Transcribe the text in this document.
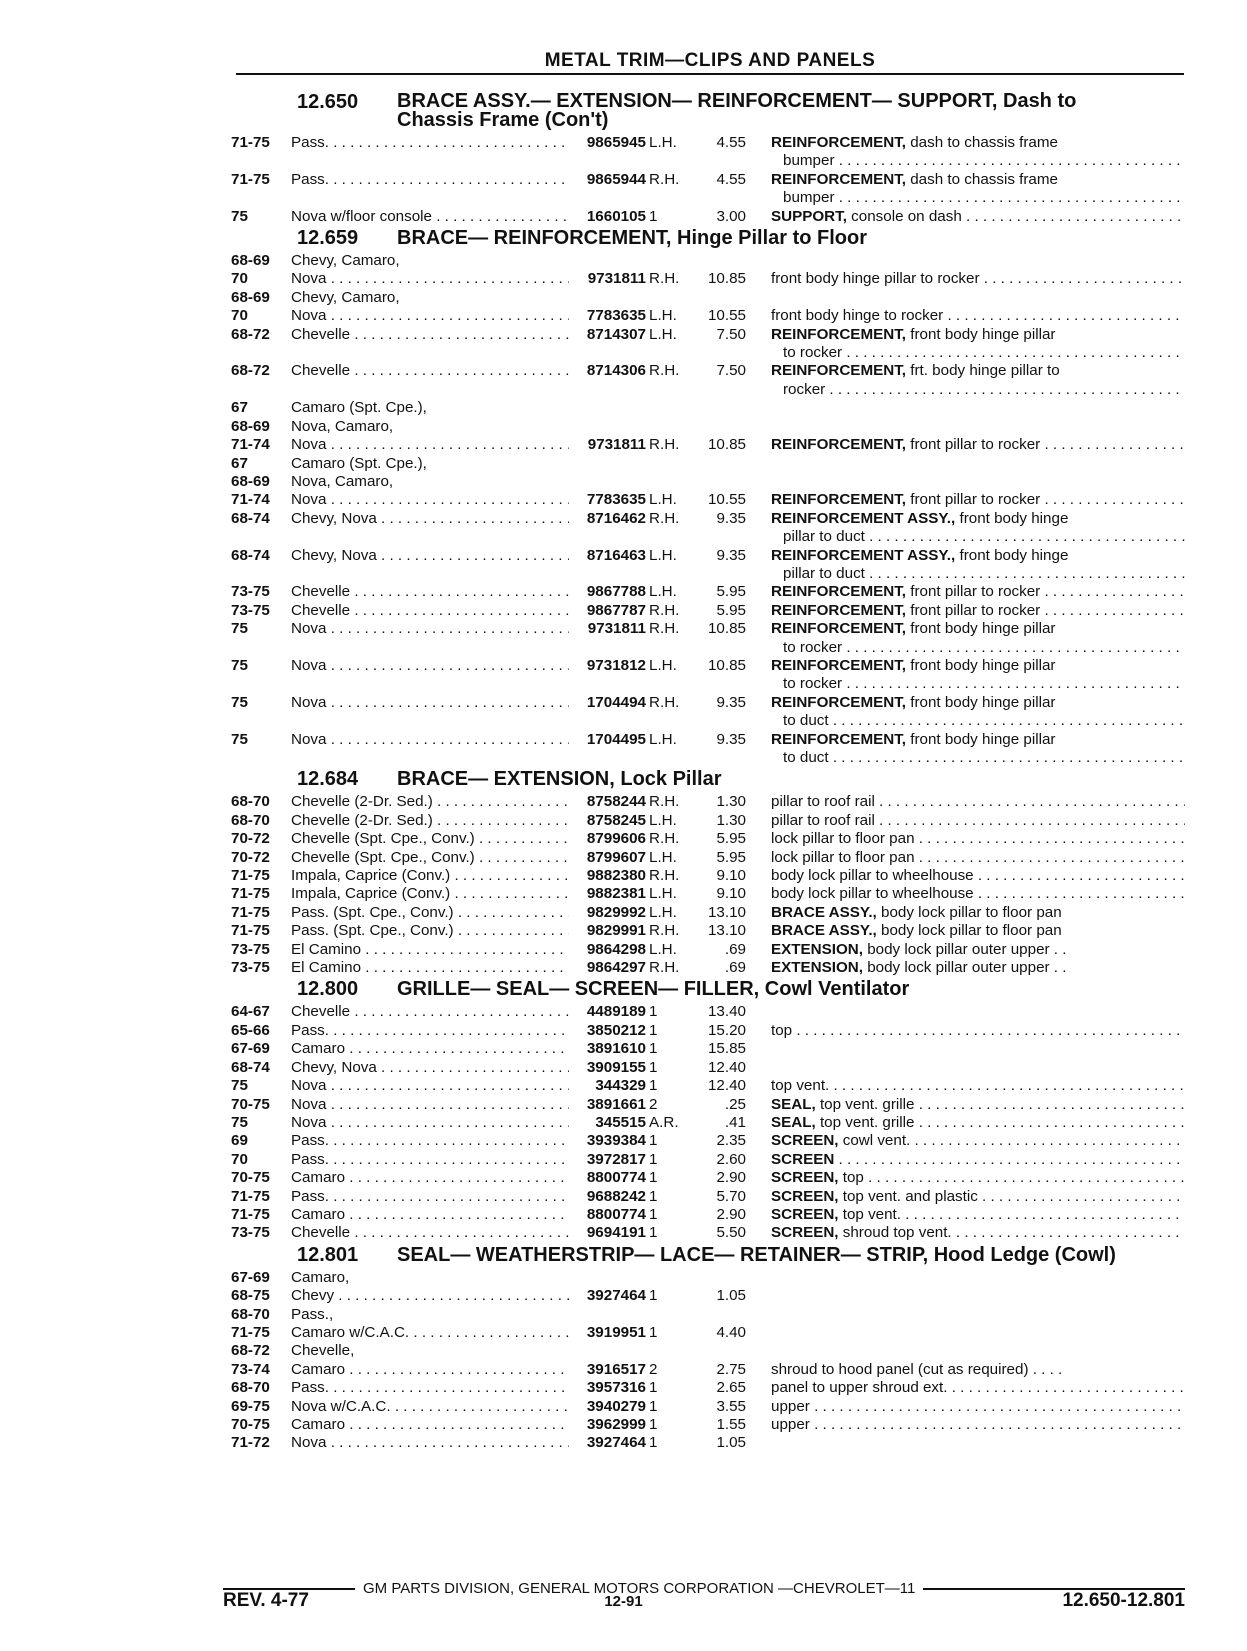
METAL TRIM—CLIPS AND PANELS
12.650	BRACE ASSY.— EXTENSION— REINFORCEMENT— SUPPORT, Dash to
Chassis Frame (Con't)
71-75	Pass. . . .	9865945 L.H.	4.55 REINFORCEMENT, dash to chassis frame
bumper . . .
71-75	Pass. . . .	9865944 R.H.	4.55 REINFORCEMENT, dash to chassis frame
bumper . . .
75	Nova w/floor console . . .	1660105 1	3.00 SUPPORT, console on dash . . .
12.659	BRACE— REINFORCEMENT, Hinge Pillar to Floor
68-69	Chevy, Camaro,
70	Nova . . .	9731811 R.H.	10.85 front body hinge pillar to rocker . . .
68-69	Chevy, Camaro,
70	Nova . . .	7783635 L.H.	10.55 front body hinge to rocker . . .
68-72	Chevelle . . .	8714307 L.H.	7.50 REINFORCEMENT, front body hinge pillar
to rocker . . .
68-72	Chevelle . . .	8714306 R.H.	7.50 REINFORCEMENT, frt. body hinge pillar to
rocker . . .
67	Camaro (Spt. Cpe.),
68-69	Nova, Camaro,
71-74	Nova . . .	9731811 R.H.	10.85 REINFORCEMENT, front pillar to rocker . . .
67	Camaro (Spt. Cpe.),
68-69	Nova, Camaro,
71-74	Nova . . .	7783635 L.H.	10.55 REINFORCEMENT, front pillar to rocker . . .
68-74	Chevy, Nova . . .	8716462 R.H.	9.35 REINFORCEMENT ASSY., front body hinge
pillar to duct . . .
68-74	Chevy, Nova . . .	8716463 L.H.	9.35 REINFORCEMENT ASSY., front body hinge
pillar to duct . . .
73-75	Chevelle . . .	9867788 L.H.	5.95 REINFORCEMENT, front pillar to rocker . . .
73-75	Chevelle . . .	9867787 R.H.	5.95 REINFORCEMENT, front pillar to rocker . . .
75	Nova . . .	9731811 R.H.	10.85 REINFORCEMENT, front body hinge pillar
to rocker . . .
75	Nova . . .	9731812 L.H.	10.85 REINFORCEMENT, front body hinge pillar
to rocker . . .
75	Nova . . .	1704494 R.H.	9.35 REINFORCEMENT, front body hinge pillar
to duct . . .
75	Nova . . .	1704495 L.H.	9.35 REINFORCEMENT, front body hinge pillar
to duct . . .
12.684	BRACE— EXTENSION, Lock Pillar
68-70	Chevelle (2-Dr. Sed.) . . .	8758244 R.H.	1.30 pillar to roof rail . . .
68-70	Chevelle (2-Dr. Sed.) . . .	8758245 L.H.	1.30 pillar to roof rail . . .
70-72	Chevelle (Spt. Cpe., Conv.) . . .	8799606 R.H.	5.95 lock pillar to floor pan . . .
70-72	Chevelle (Spt. Cpe., Conv.) . . .	8799607 L.H.	5.95 lock pillar to floor pan . . .
71-75	Impala, Caprice (Conv.) . . .	9882380 R.H.	9.10 body lock pillar to wheelhouse . . .
71-75	Impala, Caprice (Conv.) . . .	9882381 L.H.	9.10 body lock pillar to wheelhouse . . .
71-75	Pass. (Spt. Cpe., Conv.) . . .	9829992 L.H.	13.10 BRACE ASSY., body lock pillar to floor pan
71-75	Pass. (Spt. Cpe., Conv.) . . .	9829991 R.H.	13.10 BRACE ASSY., body lock pillar to floor pan
73-75	El Camino . . .	9864298 L.H.	.69 EXTENSION, body lock pillar outer upper . .
73-75	El Camino . . .	9864297 R.H.	.69 EXTENSION, body lock pillar outer upper . .
12.800	GRILLE— SEAL— SCREEN— FILLER, Cowl Ventilator
64-67	Chevelle . . .	4489189 1	13.40
65-66	Pass. . . .	3850212 1	15.20 top . . .
67-69	Camaro . . .	3891610 1	15.85
68-74	Chevy, Nova . . .	3909155 1	12.40
75	Nova . . .	344329 1	12.40 top vent. . . .
70-75	Nova . . .	3891661 2	.25 SEAL, top vent. grille . . .
75	Nova . . .	345515 A.R.	.41 SEAL, top vent. grille . . .
69	Pass. . . .	3939384 1	2.35 SCREEN, cowl vent. . . .
70	Pass. . . .	3972817 1	2.60 SCREEN . . .
70-75	Camaro . . .	8800774 1	2.90 SCREEN, top . . .
71-75	Pass. . . .	9688242 1	5.70 SCREEN, top vent. and plastic . . .
71-75	Camaro . . .	8800774 1	2.90 SCREEN, top vent. . . .
73-75	Chevelle . . .	9694191 1	5.50 SCREEN, shroud top vent. . . .
12.801	SEAL— WEATHERSTRIP— LACE— RETAINER— STRIP, Hood Ledge (Cowl)
67-69	Camaro,
68-75	Chevy . . .	3927464 1	1.05
68-70	Pass.,
71-75	Camaro w/C.A.C. . . .	3919951 1	4.40
68-72	Chevelle,
73-74	Camaro . . .	3916517 2	2.75 shroud to hood panel (cut as required) . . . .
68-70	Pass. . . .	3957316 1	2.65 panel to upper shroud ext. . . .
69-75	Nova w/C.A.C. . . .	3940279 1	3.55 upper . . .
70-75	Camaro . . .	3962999 1	1.55 upper . . .
71-72	Nova . . .	3927464 1	1.05
GM PARTS DIVISION, GENERAL MOTORS CORPORATION —CHEVROLET—11
REV. 4-77	12-91	12.650-12.801
